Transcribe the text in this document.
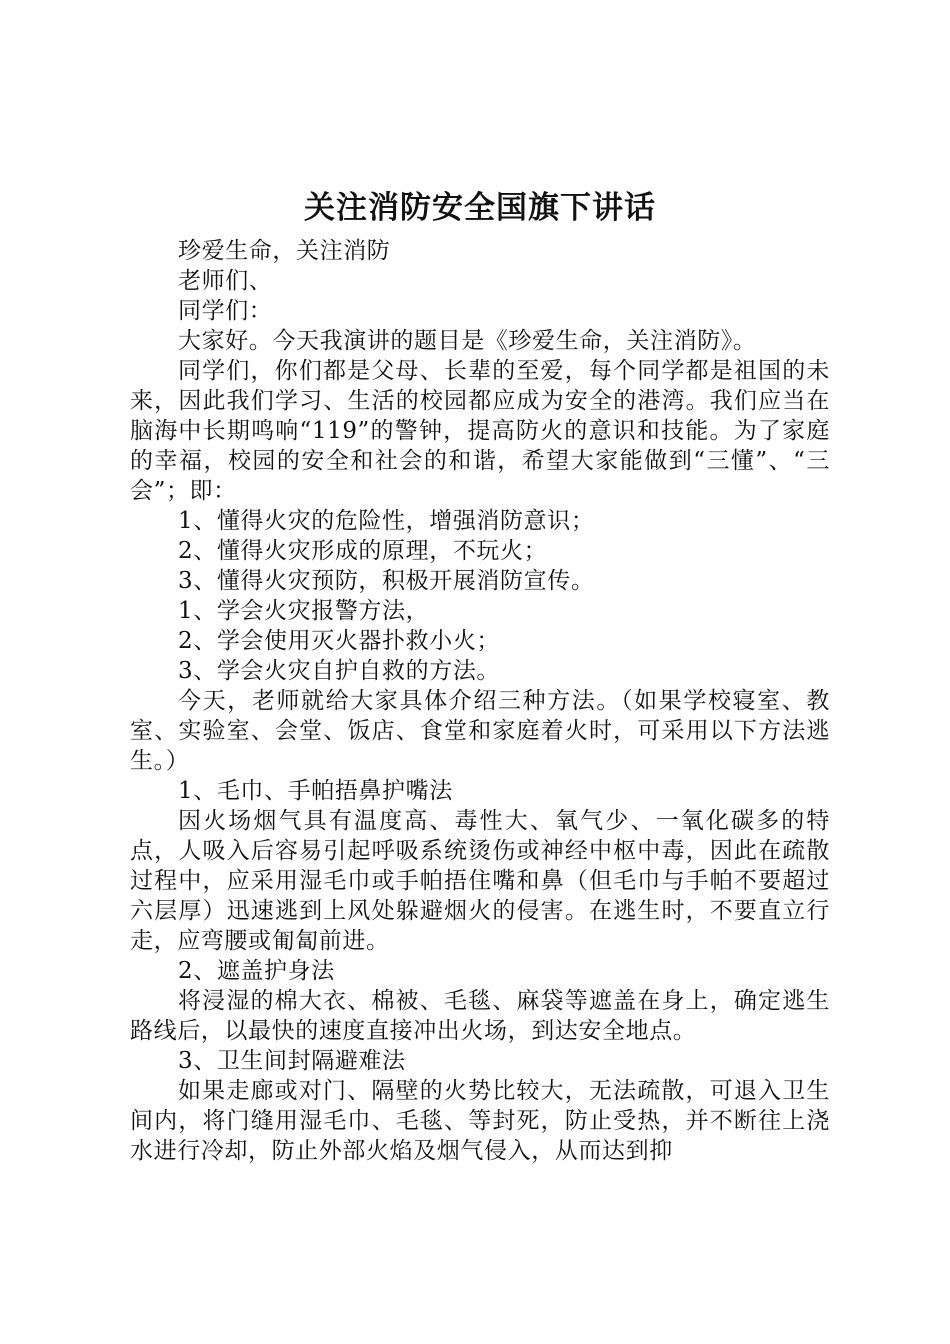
关注消防安全国旗下讲话

珍爱生命，关注消防

老师们、

同学们：

大家好。今天我演讲的题目是《珍爱生命，关注消防》。

同学们，你们都是父母、长辈的至爱，每个同学都是祖国的未来，因此我们学习、生活的校园都应成为安全的港湾。我们应当在脑海中长期鸣响“119”的警钟，提高防火的意识和技能。为了家庭的幸福，校园的安全和社会的和谐，希望大家能做到“三懂”、“三会”；即：

1、懂得火灾的危险性，增强消防意识；

2、懂得火灾形成的原理，不玩火；

3、懂得火灾预防，积极开展消防宣传。

1、学会火灾报警方法，

2、学会使用灭火器扑救小火；

3、学会火灾自护自救的方法。

今天，老师就给大家具体介绍三种方法。（如果学校寝室、教室、实验室、会堂、饭店、食堂和家庭着火时，可采用以下方法逃生。）

1、毛巾、手帕捂鼻护嘴法

因火场烟气具有温度高、毒性大、氧气少、一氧化碳多的特点，人吸入后容易引起呼吸系统烫伤或神经中枢中毒，因此在疏散过程中，应采用湿毛巾或手帕捂住嘴和鼻（但毛巾与手帕不要超过六层厚）迅速逃到上风处躲避烟火的侵害。在逃生时，不要直立行走，应弯腰或匍匐前进。

2、遮盖护身法

将浸湿的棉大衣、棉被、毛毯、麻袋等遮盖在身上，确定逃生路线后，以最快的速度直接冲出火场，到达安全地点。

3、卫生间封隔避难法

如果走廊或对门、隔壁的火势比较大，无法疏散，可退入卫生间内，将门缝用湿毛巾、毛毯、等封死，防止受热，并不断往上浇水进行冷却，防止外部火焰及烟气侵入，从而达到抑
